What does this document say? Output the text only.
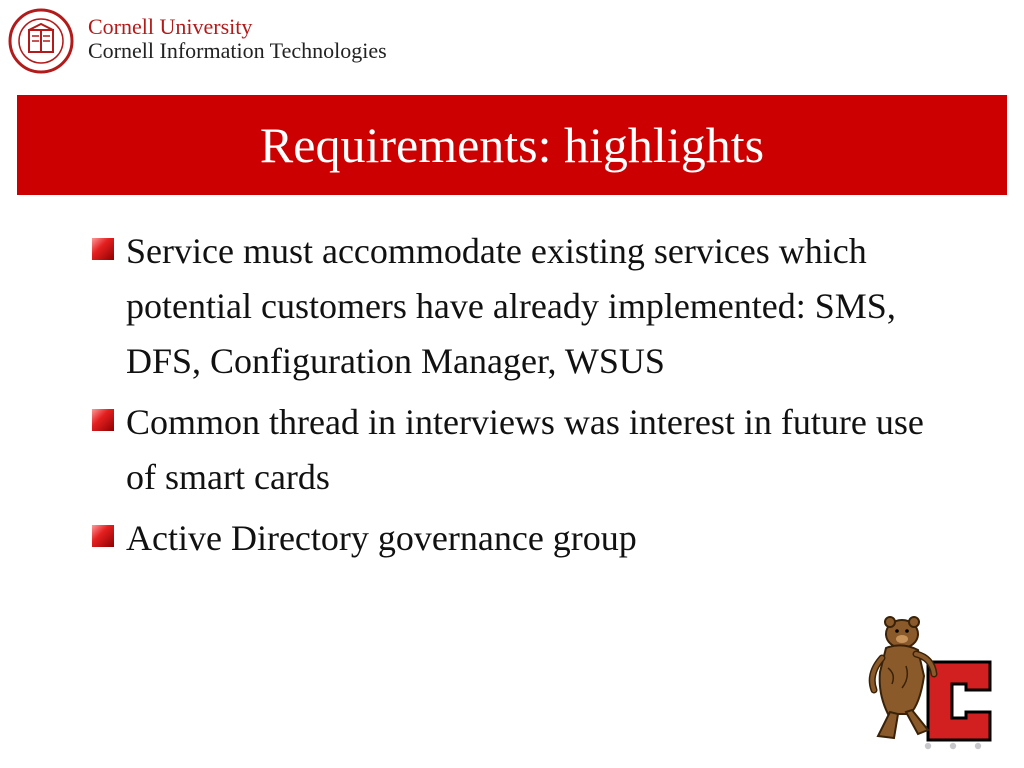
Cornell University
Cornell Information Technologies
Requirements: highlights
Service must accommodate existing services which potential customers have already implemented: SMS, DFS, Configuration Manager, WSUS
Common thread in interviews was interest in future use of smart cards
Active Directory governance group
